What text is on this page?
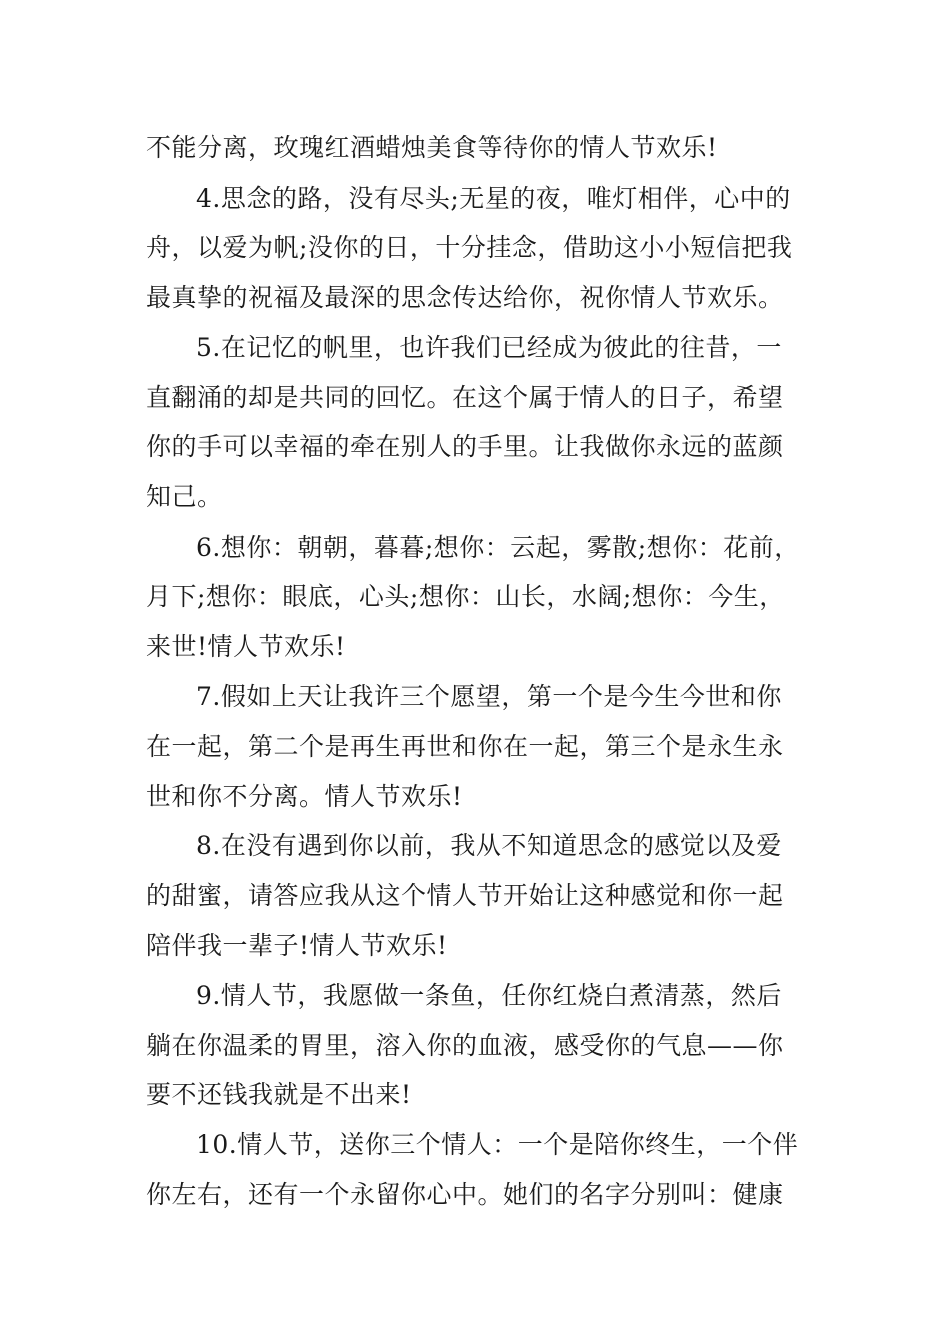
不能分离，玫瑰红酒蜡烛美食等待你的情人节欢乐!
4.思念的路，没有尽头;无星的夜，唯灯相伴，心中的
舟，以爱为帆;没你的日，十分挂念，借助这小小短信把我
最真挚的祝福及最深的思念传达给你，祝你情人节欢乐。
5.在记忆的帆里，也许我们已经成为彼此的往昔，一
直翻涌的却是共同的回忆。在这个属于情人的日子，希望
你的手可以幸福的牵在别人的手里。让我做你永远的蓝颜
知己。
6.想你：朝朝，暮暮;想你：云起，雾散;想你：花前，
月下;想你：眼底，心头;想你：山长，水阔;想你：今生，
来世!情人节欢乐!
7.假如上天让我许三个愿望，第一个是今生今世和你
在一起，第二个是再生再世和你在一起，第三个是永生永
世和你不分离。情人节欢乐!
8.在没有遇到你以前，我从不知道思念的感觉以及爱
的甜蜜，请答应我从这个情人节开始让这种感觉和你一起
陪伴我一辈子!情人节欢乐!
9.情人节，我愿做一条鱼，任你红烧白煮清蒸，然后
躺在你温柔的胃里，溶入你的血液，感受你的气息——你
要不还钱我就是不出来!
10.情人节，送你三个情人：一个是陪你终生，一个伴
你左右，还有一个永留你心中。她们的名字分别叫：健康
